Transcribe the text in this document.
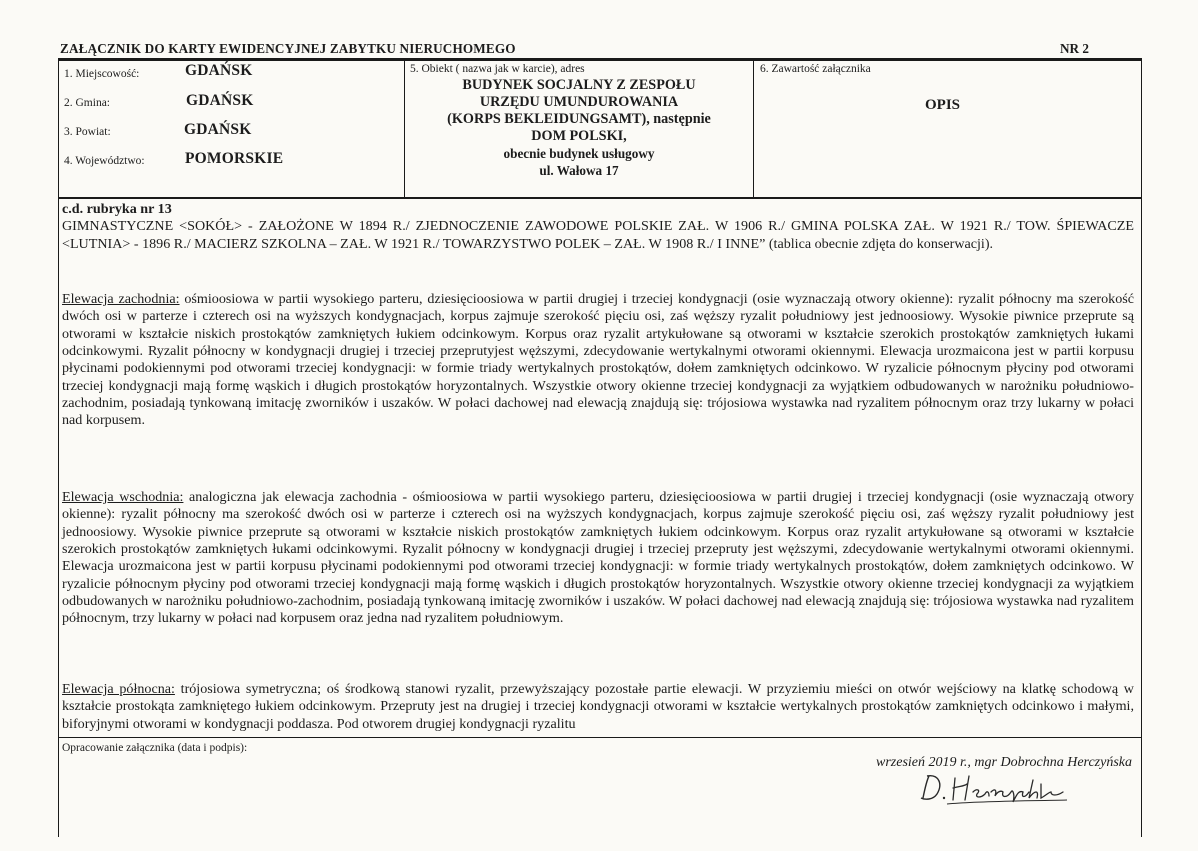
ZAŁĄCZNIK DO KARTY EWIDENCYJNEJ ZABYTKU NIERUCHOMEGO	NR 2
1. Miejscowość:	GDAŃSK
2. Gmina:	GDAŃSK
3. Powiat:	GDAŃSK
4. Województwo:	POMORSKIE
5. Obiekt ( nazwa jak w karcie), adres
BUDYNEK SOCJALNY Z ZESPOŁU
URZĘDU UMUNDUROWANIA
(KORPS BEKLEIDUNGSAMT), następnie
DOM POLSKI,
obecnie budynek usługowy
ul. Wałowa 17
6. Zawartość załącznika
OPIS
c.d. rubryka nr 13
GIMNASTYCZNE <SOKÓŁ> - ZAŁOŻONE W 1894 R./ ZJEDNOCZENIE ZAWODOWE POLSKIE ZAŁ. W 1906 R./ GMINA POLSKA ZAŁ. W 1921 R./ TOW. ŚPIEWACZE <LUTNIA> - 1896 R./ MACIERZ SZKOLNA – ZAŁ. W 1921 R./ TOWARZYSTWO POLEK – ZAŁ. W 1908 R./ I INNE” (tablica obecnie zdjęta do konserwacji).
Elewacja zachodnia: ośmioosiowa w partii wysokiego parteru, dziesięcioosiowa w partii drugiej i trzeciej kondygnacji (osie wyznaczają otwory okienne): ryzalit północny ma szerokość dwóch osi w parterze i czterech osi na wyższych kondygnacjach, korpus zajmuje szerokość pięciu osi, zaś węższy ryzalit południowy jest jednoosiowy. Wysokie piwnice przeprute są otworami w kształcie niskich prostokątów zamkniętych łukiem odcinkowym. Korpus oraz ryzalit artykułowane są otworami w kształcie szerokich prostokątów zamkniętych łukami odcinkowymi. Ryzalit północny w kondygnacji drugiej i trzeciej przeprutyjest węższymi, zdecydowanie wertykalnymi otworami okiennymi. Elewacja urozmaicona jest w partii korpusu płycinami podokiennymi pod otworami trzeciej kondygnacji: w formie triady wertykalnych prostokątów, dołem zamkniętych odcinkowo. W ryzalicie północnym płyciny pod otworami trzeciej kondygnacji mają formę wąskich i długich prostokątów horyzontalnych. Wszystkie otwory okienne trzeciej kondygnacji za wyjątkiem odbudowanych w narożniku południowo-zachodnim, posiadają tynkowaną imitację zworników i uszaków. W połaci dachowej nad elewacją znajdują się: trójosiowa wystawka nad ryzalitem północnym oraz trzy lukarny w połaci nad korpusem.
Elewacja wschodnia: analogiczna jak elewacja zachodnia - ośmioosiowa w partii wysokiego parteru, dziesięcioosiowa w partii drugiej i trzeciej kondygnacji (osie wyznaczają otwory okienne): ryzalit północny ma szerokość dwóch osi w parterze i czterech osi na wyższych kondygnacjach, korpus zajmuje szerokość pięciu osi, zaś węższy ryzalit południowy jest jednoosiowy. Wysokie piwnice przeprute są otworami w kształcie niskich prostokątów zamkniętych łukiem odcinkowym. Korpus oraz ryzalit artykułowane są otworami w kształcie szerokich prostokątów zamkniętych łukami odcinkowymi. Ryzalit północny w kondygnacji drugiej i trzeciej przepruty jest węższymi, zdecydowanie wertykalnymi otworami okiennymi. Elewacja urozmaicona jest w partii korpusu płycinami podokiennymi pod otworami trzeciej kondygnacji: w formie triady wertykalnych prostokątów, dołem zamkniętych odcinkowo. W ryzalicie północnym płyciny pod otworami trzeciej kondygnacji mają formę wąskich i długich prostokątów horyzontalnych. Wszystkie otwory okienne trzeciej kondygnacji za wyjątkiem odbudowanych w narożniku południowo-zachodnim, posiadają tynkowaną imitację zworników i uszaków. W połaci dachowej nad elewacją znajdują się: trójosiowa wystawka nad ryzalitem północnym, trzy lukarny w połaci nad korpusem oraz jedna nad ryzalitem południowym.
Elewacja północna: trójosiowa symetryczna; oś środkową stanowi ryzalit, przewyższający pozostałe partie elewacji. W przyziemiu mieści on otwór wejściowy na klatkę schodową w kształcie prostokąta zamkniętego łukiem odcinkowym. Przepruty jest na drugiej i trzeciej kondygnacji otworami w kształcie wertykalnych prostokątów zamkniętych odcinkowo i małymi, biforyjnymi otworami w kondygnacji poddasza. Pod otworem drugiej kondygnacji ryzalitu
Opracowanie załącznika (data i podpis):
wrzesień 2019 r., mgr Dobrochna Herczyńska
